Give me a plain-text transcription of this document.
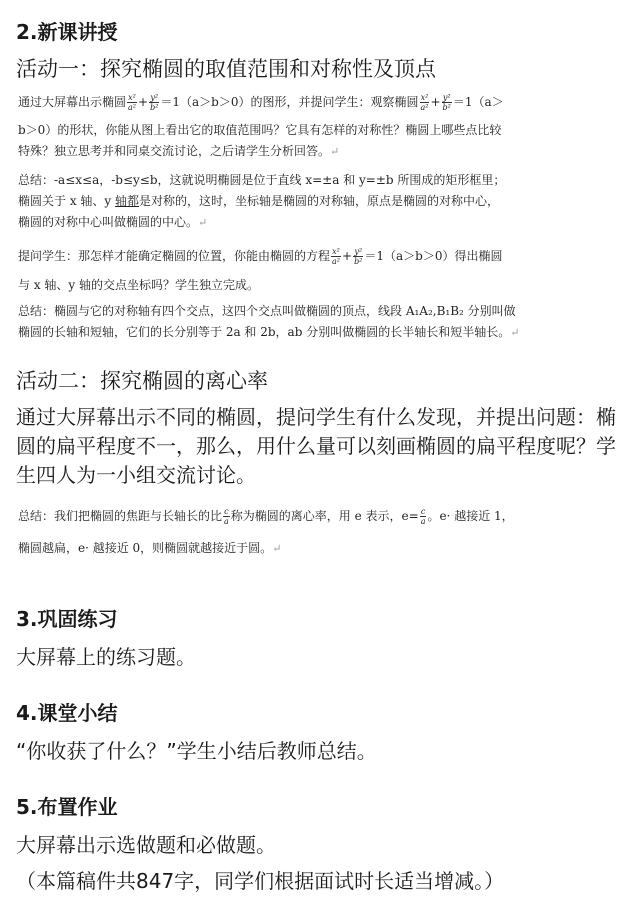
2.新课讲授
活动一：探究椭圆的取值范围和对称性及顶点
通过大屏幕出示椭圆 $\frac{\text{x²}}{\text{a²}} + \frac{\text{y²}}{\text{b²}} =1(a>b>0)$的图形，并提问学生：观察椭圆 $\frac{\text{x²}}{\text{a²}} + \frac{\text{y²}}{\text{b²}} =1(a>$
b＞0）的形状，你能从图上看出它的取值范围吗？它具有怎样的对称性？椭圆上哪些点比较
特殊？独立思考并和同桌交流讨论，之后请学生分析回答。↵
总结：-a≤x≤a，-b≤y≤b，这就说明椭圆是位于直线 x=±a 和 y=±b 所围成的矩形框里；
椭圆关于 x 轴、y 轴都是对称的，这时，坐标轴是椭圆的对称轴，原点是椭圆的对称中心，
椭圆的对称中心叫做椭圆的中心。↵
提问学生：那怎样才能确定椭圆的位置，你能由椭圆的方程 $\frac{\text{x²}}{\text{a²}} + \frac{\text{y²}}{\text{b²}} =1(a>b>0)$得出椭圆
与 x 轴、y 轴的交点坐标吗？学生独立完成。
总结：椭圆与它的对称轴有四个交点，这四个交点叫做椭圆的顶点，线段 A₁A₂,B₁B₂ 分别叫做
椭圆的长轴和短轴，它们的长分别等于 2a 和 2b，ab 分别叫做椭圆的长半轴长和短半轴长。↵
活动二：探究椭圆的离心率
通过大屏幕出示不同的椭圆，提问学生有什么发现，并提出问题：椭圆的扁平程度不一，那么，用什么量可以刻画椭圆的扁平程度呢？学生四人为一小组交流讨论。
总结：我们把椭圆的焦距与长轴长的比 $\frac{c}{a}$ 称为椭圆的离心率，用 e 表示，$e= \frac{c}{a}$ 。e· 越接近 1，
椭圆越扁，e· 越接近 0，则椭圆就越接近于圆。↵
3.巩固练习
大屏幕上的练习题。
4.课堂小结
“你收获了什么？”学生小结后教师总结。
5.布置作业
大屏幕出示选做题和必做题。
（本篇稿件共847字，同学们根据面试时长适当增减。）
